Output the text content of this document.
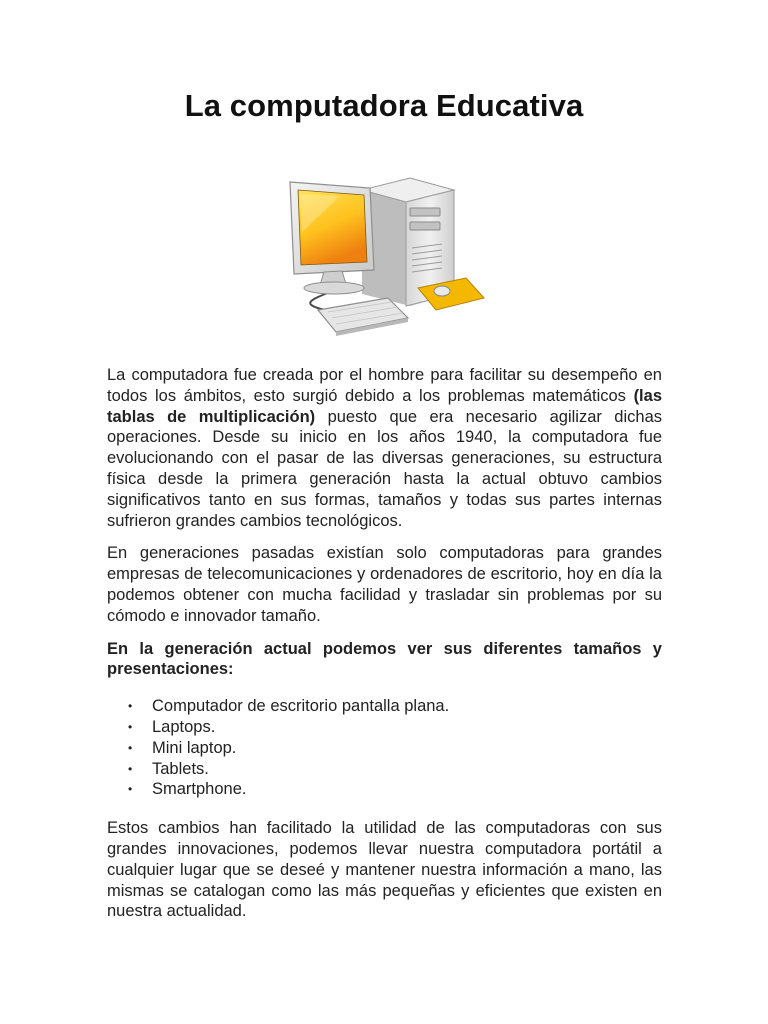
La computadora Educativa

La computadora fue creada por el hombre para facilitar su desempeño en todos los ámbitos, esto surgió debido a los problemas matemáticos (las tablas de multiplicación) puesto que era necesario agilizar dichas operaciones. Desde su inicio en los años 1940, la computadora fue evolucionando con el pasar de las diversas generaciones, su estructura física desde la primera generación hasta la actual obtuvo cambios significativos tanto en sus formas, tamaños y todas sus partes internas sufrieron grandes cambios tecnológicos.

En generaciones pasadas existían solo computadoras para grandes empresas de telecomunicaciones y ordenadores de escritorio, hoy en día la podemos obtener con mucha facilidad y trasladar sin problemas por su cómodo e innovador tamaño.

En la generación actual podemos ver sus diferentes tamaños y presentaciones:

• Computador de escritorio pantalla plana.
• Laptops.
• Mini laptop.
• Tablets.
• Smartphone.

Estos cambios han facilitado la utilidad de las computadoras con sus grandes innovaciones, podemos llevar nuestra computadora portátil a cualquier lugar que se deseé y mantener nuestra información a mano, las mismas se catalogan como las más pequeñas y eficientes que existen en nuestra actualidad.
